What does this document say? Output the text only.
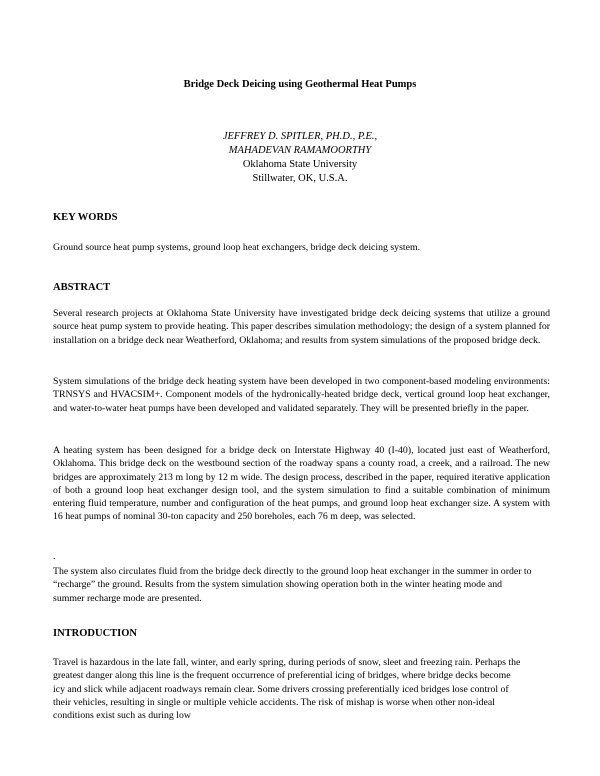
Bridge Deck Deicing using Geothermal Heat Pumps
JEFFREY D. SPITLER, PH.D., P.E.,
MAHADEVAN RAMAMOORTHY
Oklahoma State University
Stillwater, OK, U.S.A.
KEY WORDS

Ground source heat pump systems, ground loop heat exchangers, bridge deck deicing system.

ABSTRACT

Several research projects at Oklahoma State University have investigated bridge deck deicing systems that utilize a ground source heat pump system to provide heating. This paper describes simulation methodology; the design of a system planned for installation on a bridge deck near Weatherford, Oklahoma; and results from system simulations of the proposed bridge deck.

System simulations of the bridge deck heating system have been developed in two component-based modeling environments: TRNSYS and HVACSIM+. Component models of the hydronically-heated bridge deck, vertical ground loop heat exchanger, and water-to-water heat pumps have been developed and validated separately. They will be presented briefly in the paper.

A heating system has been designed for a bridge deck on Interstate Highway 40 (I-40), located just east of Weatherford, Oklahoma. This bridge deck on the westbound section of the roadway spans a county road, a creek, and a railroad. The new bridges are approximately 213 m long by 12 m wide. The design process, described in the paper, required iterative application of both a ground loop heat exchanger design tool, and the system simulation to find a suitable combination of minimum entering fluid temperature, number and configuration of the heat pumps, and ground loop heat exchanger size. A system with 16 heat pumps of nominal 30-ton capacity and 250 boreholes, each 76 m deep, was selected.

.

The system also circulates fluid from the bridge deck directly to the ground loop heat exchanger in the summer in order to “recharge” the ground. Results from the system simulation showing operation both in the winter heating mode and summer recharge mode are presented.

INTRODUCTION

Travel is hazardous in the late fall, winter, and early spring, during periods of snow, sleet and freezing rain. Perhaps the greatest danger along this line is the frequent occurrence of preferential icing of bridges, where bridge decks become icy and slick while adjacent roadways remain clear. Some drivers crossing preferentially iced bridges lose control of their vehicles, resulting in single or multiple vehicle accidents. The risk of mishap is worse when other non-ideal conditions exist such as during low
